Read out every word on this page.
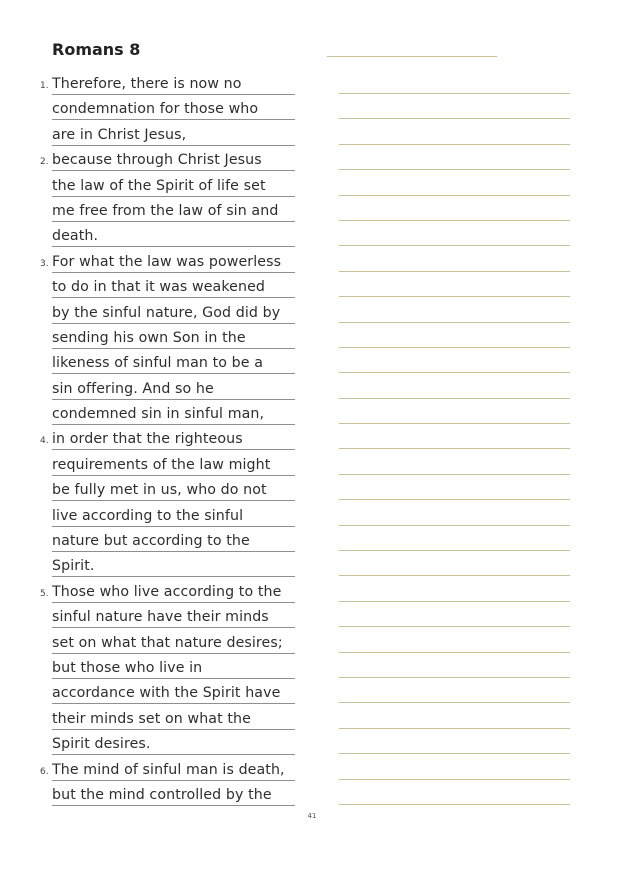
Romans 8
1. Therefore, there is now no
condemnation for those who
are in Christ Jesus,
2. because through Christ Jesus
the law of the Spirit of life set
me free from the law of sin and
death.
3. For what the law was powerless
to do in that it was weakened
by the sinful nature, God did by
sending his own Son in the
likeness of sinful man to be a
sin offering. And so he
condemned sin in sinful man,
4. in order that the righteous
requirements of the law might
be fully met in us, who do not
live according to the sinful
nature but according to the
Spirit.
5. Those who live according to the
sinful nature have their minds
set on what that nature desires;
but those who live in
accordance with the Spirit have
their minds set on what the
Spirit desires.
6. The mind of sinful man is death,
but the mind controlled by the
41
